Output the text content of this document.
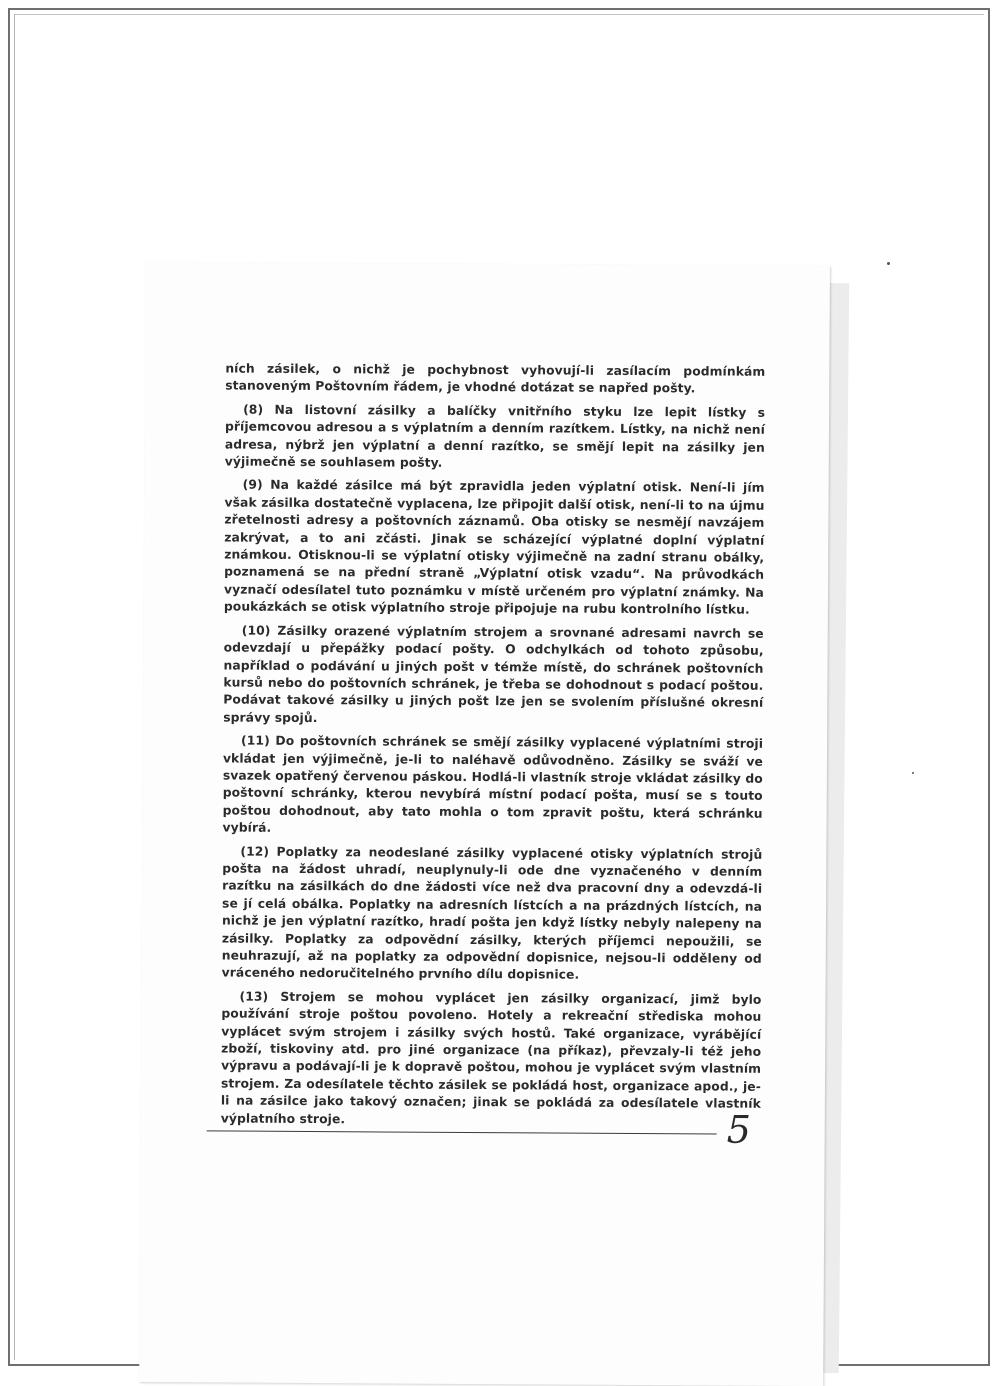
ních zásilek, o nichž je pochybnost vyhovují-li zasílacím podmínkám stanoveným Poštovním řádem, je vhodné dotázat se napřed pošty.

(8) Na listovní zásilky a balíčky vnitřního styku lze lepit lístky s příjemcovou adresou a s výplatním a denním razítkem. Lístky, na nichž není adresa, nýbrž jen výplatní a denní razítko, se smějí lepit na zásilky jen výjimečně se souhlasem pošty.

(9) Na každé zásilce má být zpravidla jeden výplatní otisk. Není-li jím však zásilka dostatečně vyplacena, lze připojit další otisk, není-li to na újmu zřetelnosti adresy a poštovních záznamů. Oba otisky se nesmějí navzájem zakrývat, a to ani zčásti. Jinak se scházející výplatné doplní výplatní známkou. Otisknou-li se výplatní otisky výjimečně na zadní stranu obálky, poznamená se na přední straně „Výplatní otisk vzadu“. Na průvodkách vyznačí odesílatel tuto poznámku v místě určeném pro výplatní známky. Na poukázkách se otisk výplatního stroje připojuje na rubu kontrolního lístku.

(10) Zásilky orazené výplatním strojem a srovnané adresami navrch se odevzdají u přepážky podací pošty. O odchylkách od tohoto způsobu, například o podávání u jiných pošt v témže místě, do schránek poštovních kursů nebo do poštovních schránek, je třeba se dohodnout s podací poštou. Podávat takové zásilky u jiných pošt lze jen se svolením příslušné okresní správy spojů.

(11) Do poštovních schránek se smějí zásilky vyplacené výplatními stroji vkládat jen výjimečně, je-li to naléhavě odůvodněno. Zásilky se sváží ve svazek opatřený červenou páskou. Hodlá-li vlastník stroje vkládat zásilky do poštovní schránky, kterou nevybírá místní podací pošta, musí se s touto poštou dohodnout, aby tato mohla o tom zpravit poštu, která schránku vybírá.

(12) Poplatky za neodeslané zásilky vyplacené otisky výplatních strojů pošta na žádost uhradí, neuplynuly-li ode dne vyznačeného v denním razítku na zásilkách do dne žádosti více než dva pracovní dny a odevzdá-li se jí celá obálka. Poplatky na adresních lístcích a na prázdných lístcích, na nichž je jen výplatní razítko, hradí pošta jen když lístky nebyly nalepeny na zásilky. Poplatky za odpovědní zásilky, kterých příjemci nepoužili, se neuhrazují, až na poplatky za odpovědní dopisnice, nejsou-li odděleny od vráceného nedoručitelného prvního dílu dopisnice.

(13) Strojem se mohou vyplácet jen zásilky organizací, jimž bylo používání stroje poštou povoleno. Hotely a rekreační střediska mohou vyplácet svým strojem i zásilky svých hostů. Také organizace, vyrábějící zboží, tiskoviny atd. pro jiné organizace (na příkaz), převzaly-li též jeho výpravu a podávají-li je k dopravě poštou, mohou je vyplácet svým vlastním strojem. Za odesílatele těchto zásilek se pokládá host, organizace apod., je-li na zásilce jako takový označen; jinak se pokládá za odesílatele vlastník výplatního stroje.	5
